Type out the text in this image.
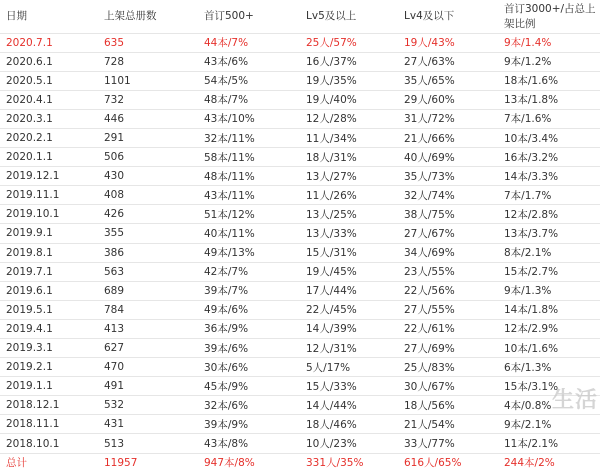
日期	上架总册数	首订500+	Lv5及以上	Lv4及以下	首订3000+/占总上架比例
2020.7.1	635	44本/7%	25人/57%	19人/43%	9本/1.4%
2020.6.1	728	43本/6%	16人/37%	27人/63%	9本/1.2%
2020.5.1	1101	54本/5%	19人/35%	35人/65%	18本/1.6%
2020.4.1	732	48本/7%	19人/40%	29人/60%	13本/1.8%
2020.3.1	446	43本/10%	12人/28%	31人/72%	7本/1.6%
2020.2.1	291	32本/11%	11人/34%	21人/66%	10本/3.4%
2020.1.1	506	58本/11%	18人/31%	40人/69%	16本/3.2%
2019.12.1	430	48本/11%	13人/27%	35人/73%	14本/3.3%
2019.11.1	408	43本/11%	11人/26%	32人/74%	7本/1.7%
2019.10.1	426	51本/12%	13人/25%	38人/75%	12本/2.8%
2019.9.1	355	40本/11%	13人/33%	27人/67%	13本/3.7%
2019.8.1	386	49本/13%	15人/31%	34人/69%	8本/2.1%
2019.7.1	563	42本/7%	19人/45%	23人/55%	15本/2.7%
2019.6.1	689	39本/7%	17人/44%	22人/56%	9本/1.3%
2019.5.1	784	49本/6%	22人/45%	27人/55%	14本/1.8%
2019.4.1	413	36本/9%	14人/39%	22人/61%	12本/2.9%
2019.3.1	627	39本/6%	12人/31%	27人/69%	10本/1.6%
2019.2.1	470	30本/6%	5人/17%	25人/83%	6本/1.3%
2019.1.1	491	45本/9%	15人/33%	30人/67%	15本/3.1%
2018.12.1	532	32本/6%	14人/44%	18人/56%	4本/0.8%
2018.11.1	431	39本/9%	18人/46%	21人/54%	9本/2.1%
2018.10.1	513	43本/8%	10人/23%	33人/77%	11本/2.1%
总计	11957	947本/8%	331人/35%	616人/65%	244本/2%
生活
